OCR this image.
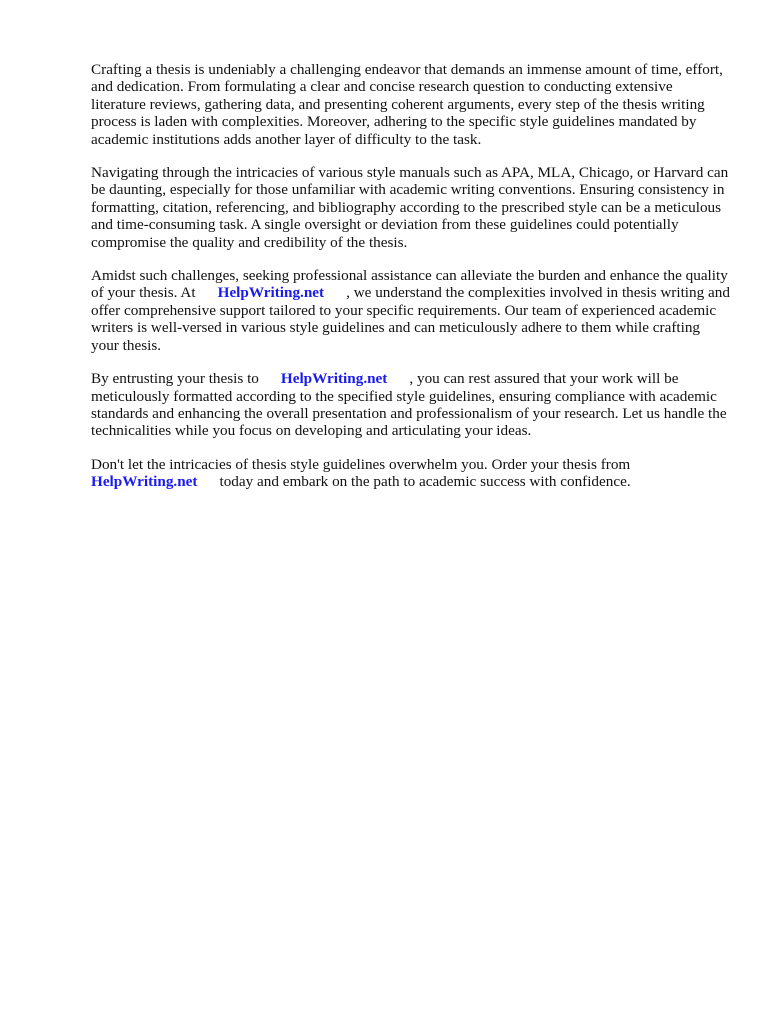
Crafting a thesis is undeniably a challenging endeavor that demands an immense amount of time, effort, and dedication. From formulating a clear and concise research question to conducting extensive literature reviews, gathering data, and presenting coherent arguments, every step of the thesis writing process is laden with complexities. Moreover, adhering to the specific style guidelines mandated by academic institutions adds another layer of difficulty to the task.

Navigating through the intricacies of various style manuals such as APA, MLA, Chicago, or Harvard can be daunting, especially for those unfamiliar with academic writing conventions. Ensuring consistency in formatting, citation, referencing, and bibliography according to the prescribed style can be a meticulous and time-consuming task. A single oversight or deviation from these guidelines could potentially compromise the quality and credibility of the thesis.

Amidst such challenges, seeking professional assistance can alleviate the burden and enhance the quality of your thesis. At HelpWriting.net , we understand the complexities involved in thesis writing and offer comprehensive support tailored to your specific requirements. Our team of experienced academic writers is well-versed in various style guidelines and can meticulously adhere to them while crafting your thesis.

By entrusting your thesis to HelpWriting.net , you can rest assured that your work will be meticulously formatted according to the specified style guidelines, ensuring compliance with academic standards and enhancing the overall presentation and professionalism of your research. Let us handle the technicalities while you focus on developing and articulating your ideas.

Don't let the intricacies of thesis style guidelines overwhelm you. Order your thesis from HelpWriting.net today and embark on the path to academic success with confidence.
